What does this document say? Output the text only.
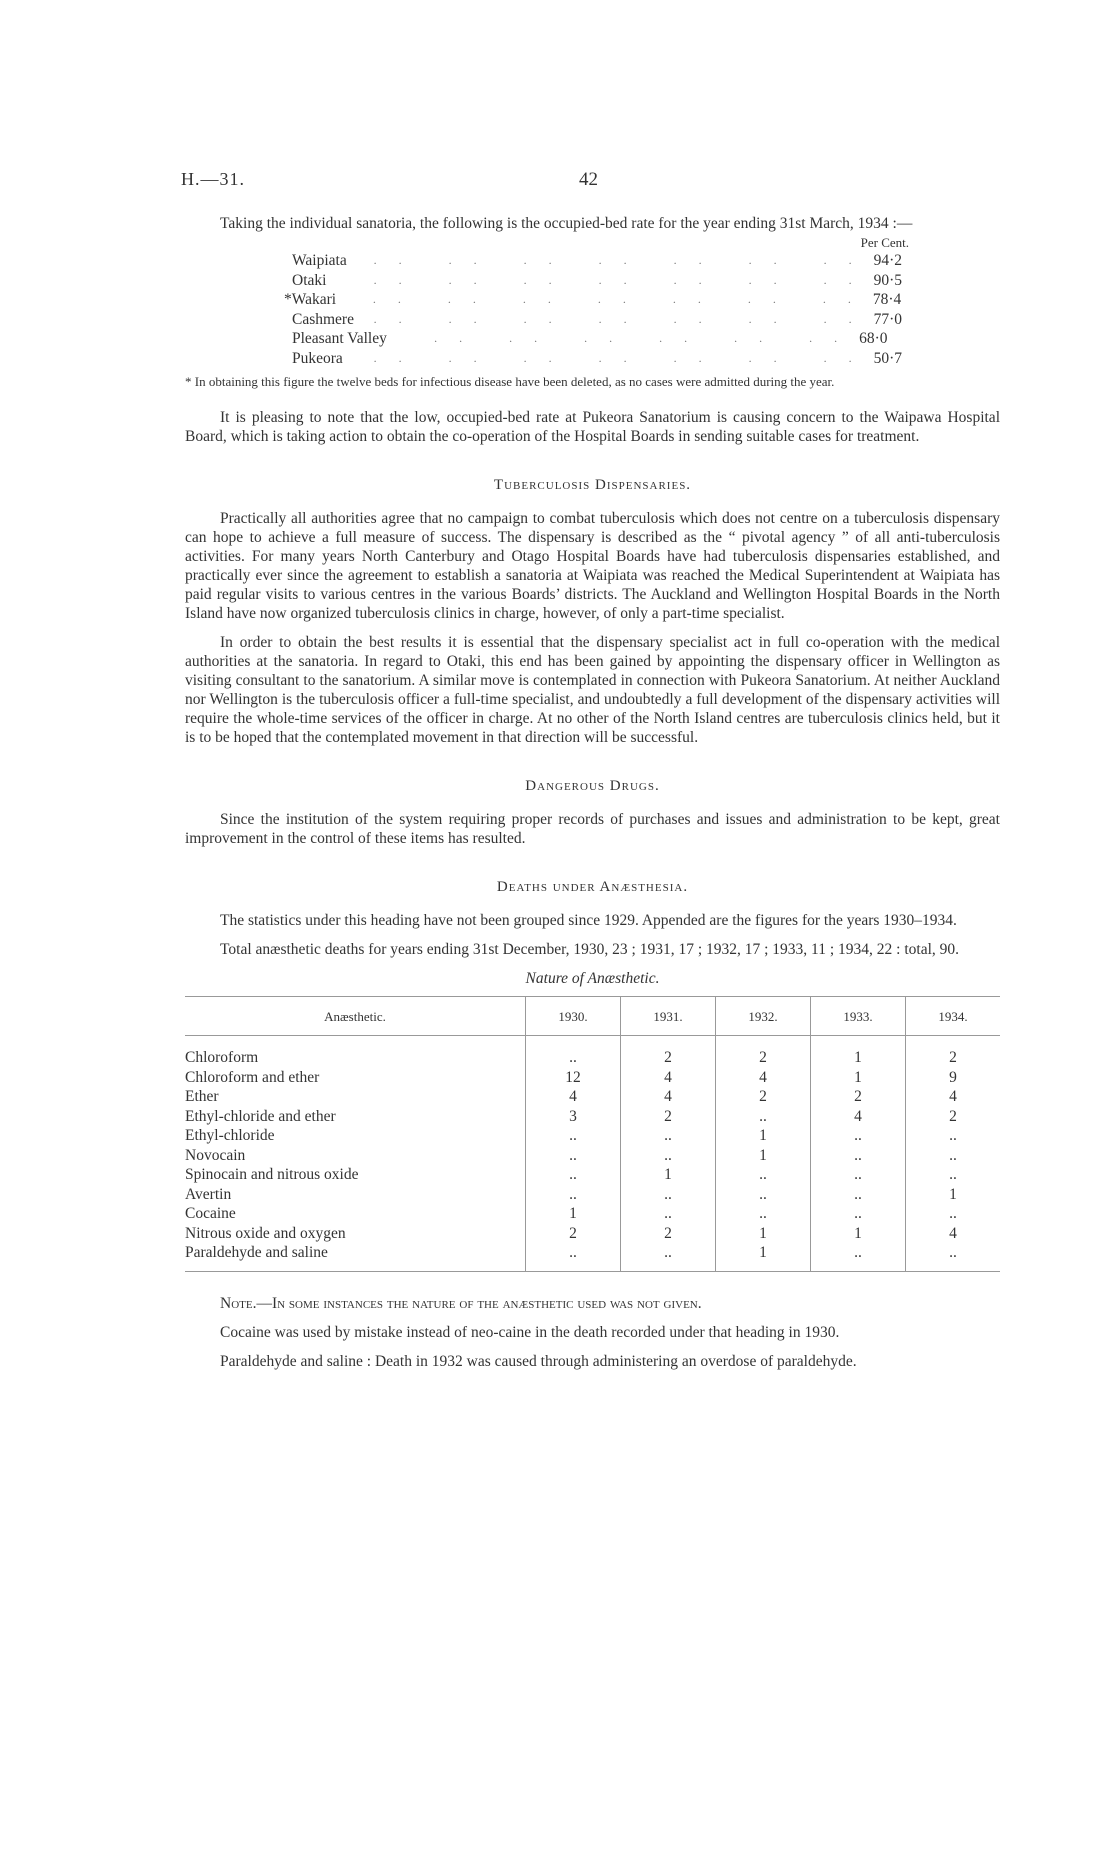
H.—31.	42

Taking the individual sanatoria, the following is the occupied-bed rate for the year ending 31st March, 1934 :—

Per Cent.
Waipiata	.. .. .. .. .. .. .. 94·2
Otaki	.. .. .. .. .. .. .. 90·5
*Wakari	.. .. .. .. .. .. .. 78·4
Cashmere	.. .. .. .. .. .. .. 77·0
Pleasant Valley	.. .. .. .. .. .. 68·0
Pukeora	.. .. .. .. .. .. .. 50·7

* In obtaining this figure the twelve beds for infectious disease have been deleted, as no cases were admitted during the year.

It is pleasing to note that the low, occupied-bed rate at Pukeora Sanatorium is causing concern to the Waipawa Hospital Board, which is taking action to obtain the co-operation of the Hospital Boards in sending suitable cases for treatment.

Tuberculosis Dispensaries.

Practically all authorities agree that no campaign to combat tuberculosis which does not centre on a tuberculosis dispensary can hope to achieve a full measure of success. The dispensary is described as the “ pivotal agency ” of all anti-tuberculosis activities. For many years North Canterbury and Otago Hospital Boards have had tuberculosis dispensaries established, and practically ever since the agreement to establish a sanatoria at Waipiata was reached the Medical Superintendent at Waipiata has paid regular visits to various centres in the various Boards’ districts. The Auckland and Wellington Hospital Boards in the North Island have now organized tuberculosis clinics in charge, however, of only a part-time specialist.

In order to obtain the best results it is essential that the dispensary specialist act in full co-operation with the medical authorities at the sanatoria. In regard to Otaki, this end has been gained by appointing the dispensary officer in Wellington as visiting consultant to the sanatorium. A similar move is contemplated in connection with Pukeora Sanatorium. At neither Auckland nor Wellington is the tuberculosis officer a full-time specialist, and undoubtedly a full development of the dispensary activities will require the whole-time services of the officer in charge. At no other of the North Island centres are tuberculosis clinics held, but it is to be hoped that the contemplated movement in that direction will be successful.

Dangerous Drugs.

Since the institution of the system requiring proper records of purchases and issues and administration to be kept, great improvement in the control of these items has resulted.

Deaths under Anæsthesia.

The statistics under this heading have not been grouped since 1929. Appended are the figures for the years 1930–1934.

Total anæsthetic deaths for years ending 31st December, 1930, 23 ; 1931, 17 ; 1932, 17 ; 1933, 11 ; 1934, 22 : total, 90.

Nature of Anæsthetic.
Anæsthetic.	1930.	1931.	1932.	1933.	1934.

Chloroform	..	2	2	1	2
Chloroform and ether	12	4	4	1	9
Ether	4	4	2	2	4
Ethyl-chloride and ether	3	2	..	4	2
Ethyl-chloride	..	..	1	..	..
Novocain	..	..	1	..	..
Spinocain and nitrous oxide	..	1	..	..	..
Avertin	..	..	..	..	1
Cocaine	1	..	..	..	..
Nitrous oxide and oxygen	2	2	1	1	4
Paraldehyde and saline	..	..	1	..	..

Note.—In some instances the nature of the anæsthetic used was not given.

Cocaine was used by mistake instead of neo-caine in the death recorded under that heading in 1930.

Paraldehyde and saline : Death in 1932 was caused through administering an overdose of paraldehyde.
